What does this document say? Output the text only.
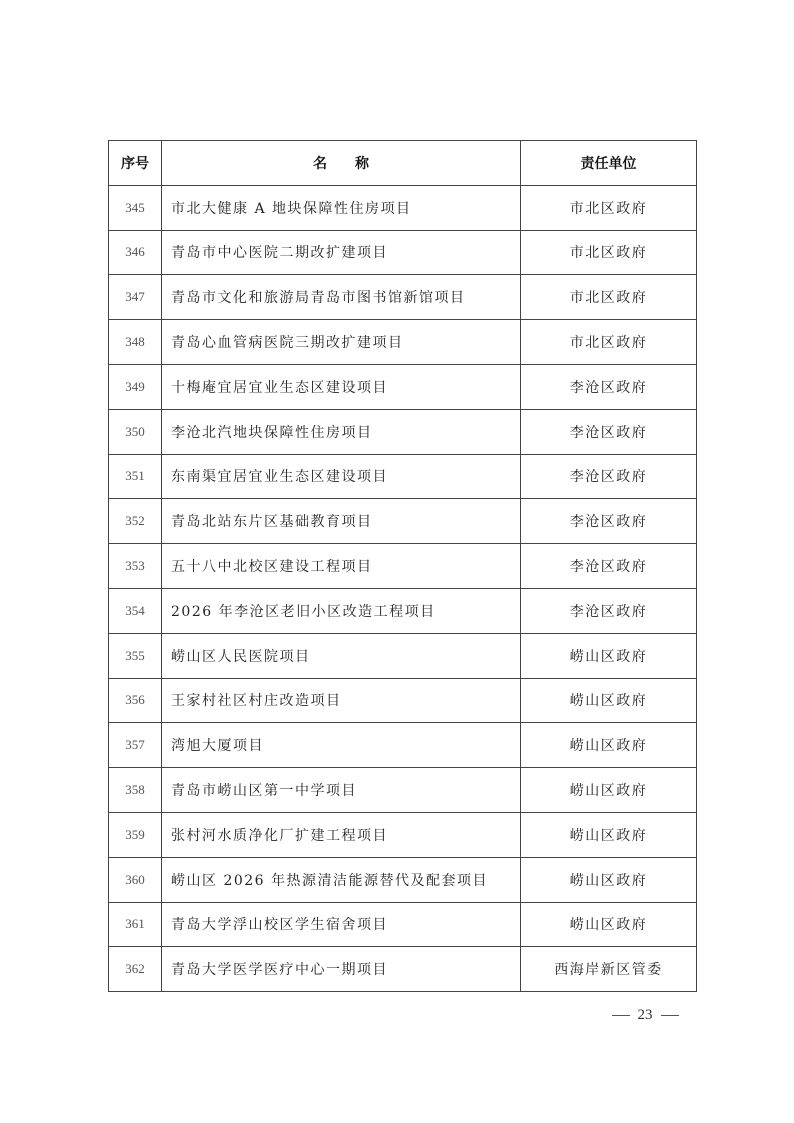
序号	名称	责任单位
345	市北大健康 A 地块保障性住房项目	市北区政府
346	青岛市中心医院二期改扩建项目	市北区政府
347	青岛市文化和旅游局青岛市图书馆新馆项目	市北区政府
348	青岛心血管病医院三期改扩建项目	市北区政府
349	十梅庵宜居宜业生态区建设项目	李沧区政府
350	李沧北汽地块保障性住房项目	李沧区政府
351	东南渠宜居宜业生态区建设项目	李沧区政府
352	青岛北站东片区基础教育项目	李沧区政府
353	五十八中北校区建设工程项目	李沧区政府
354	2026 年李沧区老旧小区改造工程项目	李沧区政府
355	崂山区人民医院项目	崂山区政府
356	王家村社区村庄改造项目	崂山区政府
357	湾旭大厦项目	崂山区政府
358	青岛市崂山区第一中学项目	崂山区政府
359	张村河水质净化厂扩建工程项目	崂山区政府
360	崂山区 2026 年热源清洁能源替代及配套项目	崂山区政府
361	青岛大学浮山校区学生宿舍项目	崂山区政府
362	青岛大学医学医疗中心一期项目	西海岸新区管委
23
